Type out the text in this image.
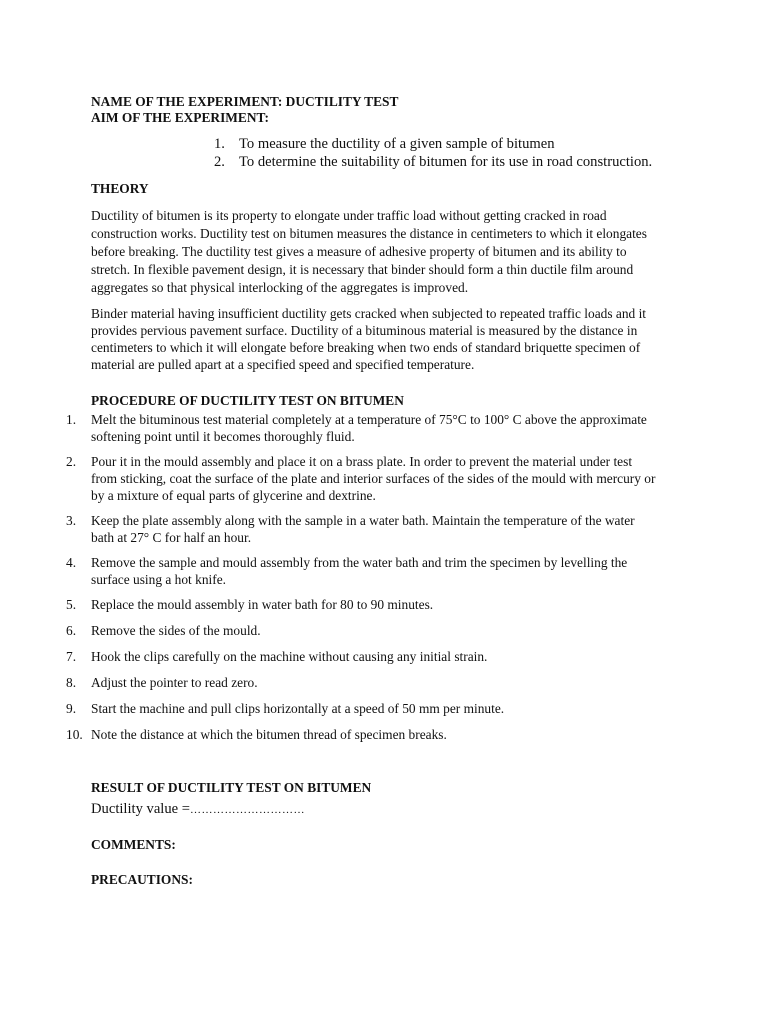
NAME OF THE EXPERIMENT: DUCTILITY TEST
AIM OF THE EXPERIMENT:
1. To measure the ductility of a given sample of bitumen
2. To determine the suitability of bitumen for its use in road construction.
THEORY
Ductility of bitumen is its property to elongate under traffic load without getting cracked in road
construction works. Ductility test on bitumen measures the distance in centimeters to which it elongates
before breaking. The ductility test gives a measure of adhesive property of bitumen and its ability to
stretch. In flexible pavement design, it is necessary that binder should form a thin ductile film around
aggregates so that physical interlocking of the aggregates is improved.
Binder material having insufficient ductility gets cracked when subjected to repeated traffic loads and it
provides pervious pavement surface. Ductility of a bituminous material is measured by the distance in
centimeters to which it will elongate before breaking when two ends of standard briquette specimen of
material are pulled apart at a specified speed and specified temperature.
PROCEDURE OF DUCTILITY TEST ON BITUMEN
1.	Melt the bituminous test material completely at a temperature of 75°C to 100° C above the approximate
softening point until it becomes thoroughly fluid.
2.	Pour it in the mould assembly and place it on a brass plate. In order to prevent the material under test
from sticking, coat the surface of the plate and interior surfaces of the sides of the mould with mercury or
by a mixture of equal parts of glycerine and dextrine.
3.	Keep the plate assembly along with the sample in a water bath. Maintain the temperature of the water
bath at 27° C for half an hour.
4.	Remove the sample and mould assembly from the water bath and trim the specimen by levelling the
surface using a hot knife.
5.	Replace the mould assembly in water bath for 80 to 90 minutes.
6.	Remove the sides of the mould.
7.	Hook the clips carefully on the machine without causing any initial strain.
8.	Adjust the pointer to read zero.
9.	Start the machine and pull clips horizontally at a speed of 50 mm per minute.
10. Note the distance at which the bitumen thread of specimen breaks.
RESULT OF DUCTILITY TEST ON BITUMEN
Ductility value =…………………………
COMMENTS:
PRECAUTIONS:
